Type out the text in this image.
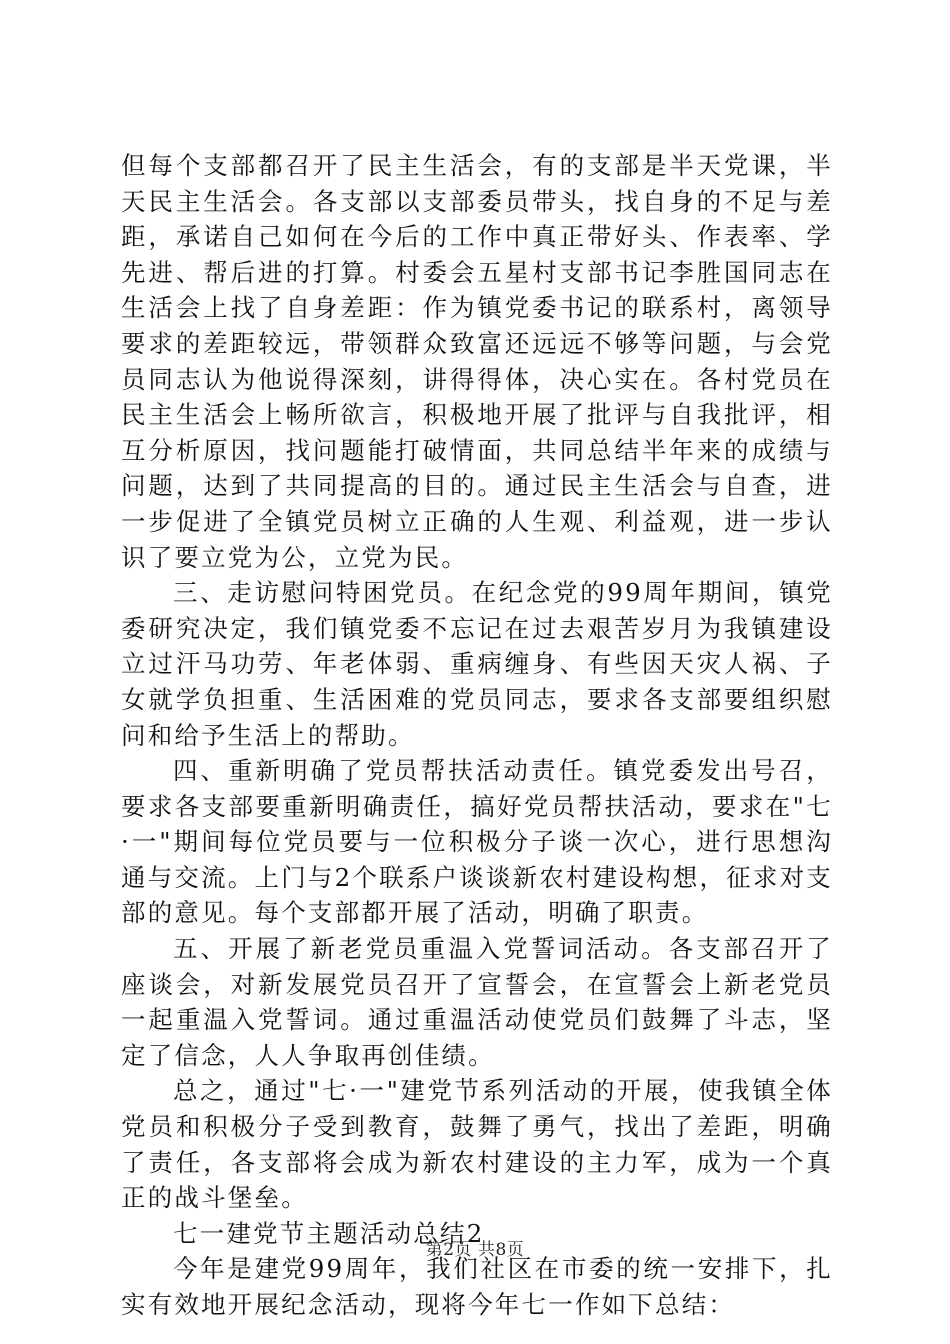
但每个支部都召开了民主生活会，有的支部是半天党课，半天民主生活会。各支部以支部委员带头，找自身的不足与差距，承诺自己如何在今后的工作中真正带好头、作表率、学先进、帮后进的打算。村委会五星村支部书记李胜国同志在生活会上找了自身差距：作为镇党委书记的联系村，离领导要求的差距较远，带领群众致富还远远不够等问题，与会党员同志认为他说得深刻，讲得得体，决心实在。各村党员在民主生活会上畅所欲言，积极地开展了批评与自我批评，相互分析原因，找问题能打破情面，共同总结半年来的成绩与问题，达到了共同提高的目的。通过民主生活会与自查，进一步促进了全镇党员树立正确的人生观、利益观，进一步认识了要立党为公，立党为民。

三、走访慰问特困党员。在纪念党的99周年期间，镇党委研究决定，我们镇党委不忘记在过去艰苦岁月为我镇建设立过汗马功劳、年老体弱、重病缠身、有些因天灾人祸、子女就学负担重、生活困难的党员同志，要求各支部要组织慰问和给予生活上的帮助。

四、重新明确了党员帮扶活动责任。镇党委发出号召，要求各支部要重新明确责任，搞好党员帮扶活动，要求在"七·一"期间每位党员要与一位积极分子谈一次心，进行思想沟通与交流。上门与2个联系户谈谈新农村建设构想，征求对支部的意见。每个支部都开展了活动，明确了职责。

五、开展了新老党员重温入党誓词活动。各支部召开了座谈会，对新发展党员召开了宣誓会，在宣誓会上新老党员一起重温入党誓词。通过重温活动使党员们鼓舞了斗志，坚定了信念，人人争取再创佳绩。

总之，通过"七·一"建党节系列活动的开展，使我镇全体党员和积极分子受到教育，鼓舞了勇气，找出了差距，明确了责任，各支部将会成为新农村建设的主力军，成为一个真正的战斗堡垒。

七一建党节主题活动总结2

今年是建党99周年，我们社区在市委的统一安排下，扎实有效地开展纪念活动，现将今年七一作如下总结：

第2页 共8页
